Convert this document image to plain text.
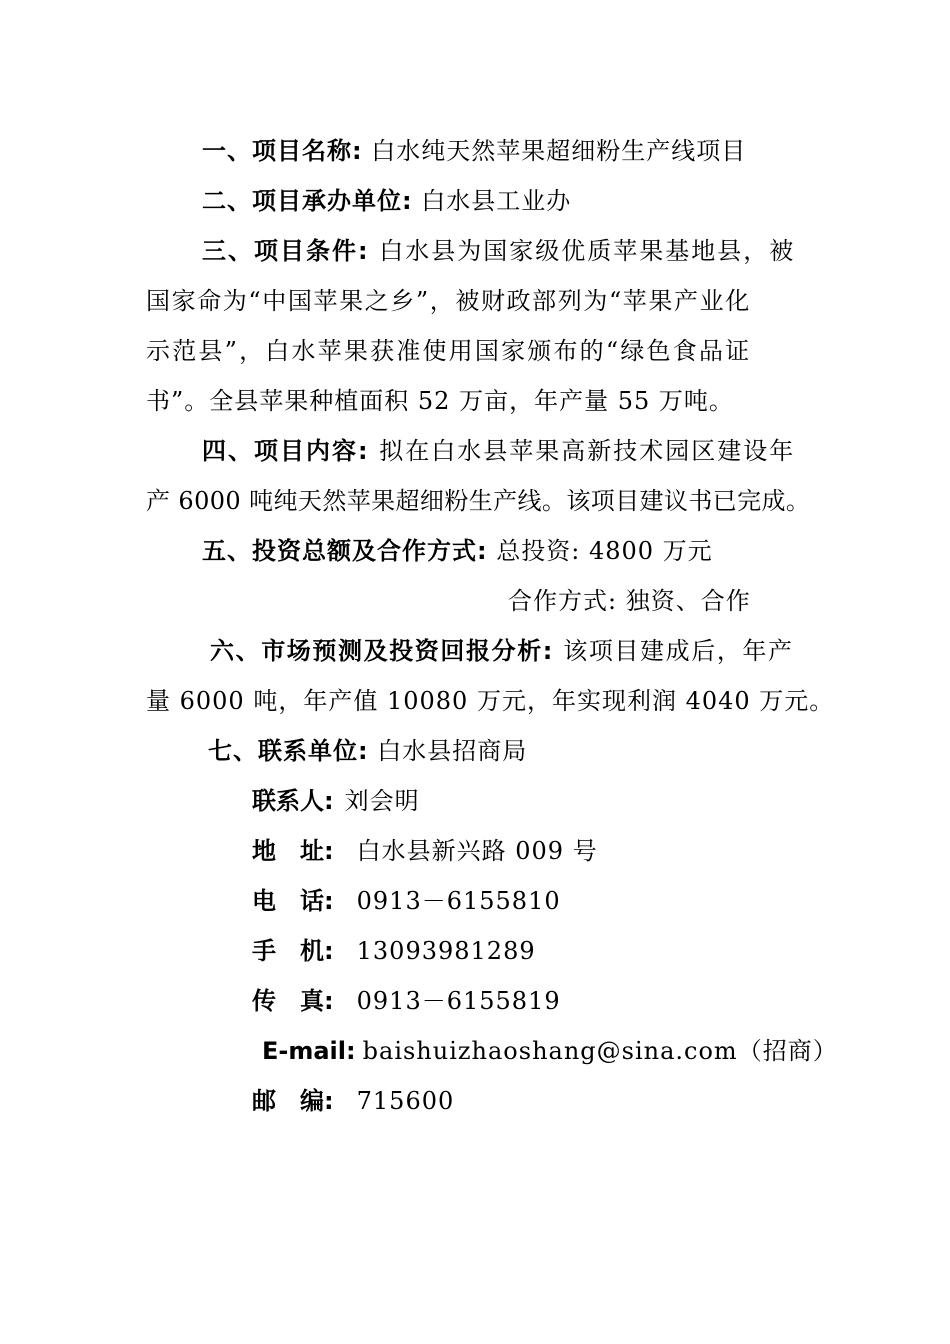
一、项目名称: 白水纯天然苹果超细粉生产线项目
二、项目承办单位: 白水县工业办
三、项目条件: 白水县为国家级优质苹果基地县，被
国家命为“中国苹果之乡”，被财政部列为“苹果产业化
示范县”，白水苹果获准使用国家颁布的“绿色食品证
书”。全县苹果种植面积 52 万亩，年产量 55 万吨。
四、项目内容: 拟在白水县苹果高新技术园区建设年
产 6000 吨纯天然苹果超细粉生产线。该项目建议书已完成。
五、投资总额及合作方式: 总投资: 4800 万元
合作方式: 独资、合作
六、市场预测及投资回报分析: 该项目建成后，年产
量 6000 吨，年产值 10080 万元，年实现利润 4040 万元。
七、联系单位: 白水县招商局
联系人: 刘会明
地　址: 白水县新兴路 009 号
电　话: 0913－6155810
手　机: 13093981289
传　真: 0913－6155819
E-mail: baishuizhaoshang@sina.com（招商）
邮　编: 715600
